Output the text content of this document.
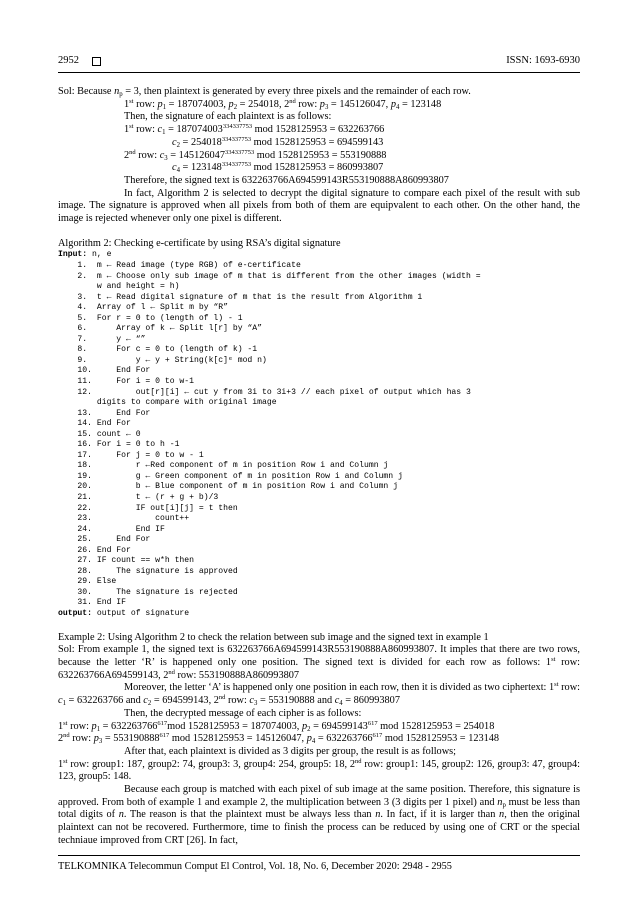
2952	ISSN: 1693-6930

Sol: Because $n_p = 3$, then plaintext is generated by every three pixels and the remainder of each row.

1st row: $p_1 = 187074003$, $p_2 = 254018$, 2nd row: $p_3 = 145126047$, $p_4 = 123148$

Then, the signature of each plaintext is as follows:

1st row: $c_1 = 187074003^{334337753}$ mod 1528125953 = 632263766

$c_2 = 254018^{334337753}$ mod 1528125953 = 694599143

2nd row: $c_3 = 145126047^{334337753}$ mod 1528125953 = 553190888

$c_4 = 123148^{334337753}$ mod 1528125953 = 860993807

Therefore, the signed text is 632263766A694599143R553190888A860993807

In fact, Algorithm 2 is selected to decrypt the digital signature to compare each pixel of the result with sub image. The signature is approved when all pixels from both of them are equipvalent to each other. On the other hand, the image is rejected whenever only one pixel is different.

Algorithm 2: Checking e-certificate by using RSA’s digital signature

Input: n, e

1.  m ← Read image (type RGB) of e-certificate

2.  m ← Choose only sub image of m that is different from the other images (width =

w and height = h)

3.  t ← Read digital signature of m that is the result from Algorithm 1

4.  Array of l ← Split m by “R”

5.  For r = 0 to (length of l) - 1

6.      Array of k ← Split l[r] by “A”

7.      y ← “”

8.      For c = 0 to (length of k) -1

9.          y ← y + String(k[c]ᵉ mod n)

10.     End For

11.     For i = 0 to w-1

12.         out[r][i] ← cut y from 3i to 3i+3 // each pixel of output which has 3

digits to compare with original image

13.     End For

14. End For

15. count ← 0

16. For i = 0 to h -1

17.     For j = 0 to w - 1

18.         r ←Red component of m in position Row i and Column j

19.         g ← Green component of m in position Row i and Column j

20.         b ← Blue component of m in position Row i and Column j

21.         t ← (r + g + b)/3

22.         IF out[i][j] = t then

23.             count++

24.         End IF

25.     End For

26. End For

27. IF count == w*h then

28.     The signature is approved

29. Else

30.     The signature is rejected

31. End IF

output: output of signature

Example 2: Using Algorithm 2 to check the relation between sub image and the signed text in example 1

Sol: From example 1, the signed text is 632263766A694599143R553190888A860993807. It imples that there are two rows, because the letter ‘R’ is happened only one position. The signed text is divided for each row as follows: 1st row: 632263766A694599143, 2nd row: 553190888A860993807

Moreover, the letter ‘A’ is happened only one position in each row, then it is divided as two ciphertext: 1st row: $c_1 = 632263766$ and $c_2 = 694599143$, 2nd row: $c_3 = 553190888$ and $c_4 = 860993807$

Then, the decrypted message of each cipher is as follows:

1st row: $p_1 = 632263766^{617}mod$ 1528125953 = 187074003, $p_2 = 694599143^{617}$ mod 1528125953 = 254018

2nd row: $p_3 = 553190888^{617}$ mod 1528125953 = 145126047, $p_4 = 632263766^{617}$ mod 1528125953 = 123148

After that, each plaintext is divided as 3 digits per group, the result is as follows;

1st row: group1: 187, group2: 74, group3: 3, group4: 254, group5: 18, 2nd row: group1: 145, group2: 126, group3: 47, group4: 123, group5: 148.

Because each group is matched with each pixel of sub image at the same position. Therefore, this signature is approved. From both of example 1 and example 2, the multiplication between 3 (3 digits per 1 pixel) and $n_p$ must be less than total digits of n. The reason is that the plaintext must be always less than n. In fact, if it is larger than n, then the original plaintext can not be recovered. Furthermore, time to finish the process can be reduced by using one of CRT or the special techniaue improved from CRT [26]. In fact,

TELKOMNIKA Telecommun Comput El Control, Vol. 18, No. 6, December 2020: 2948 - 2955
